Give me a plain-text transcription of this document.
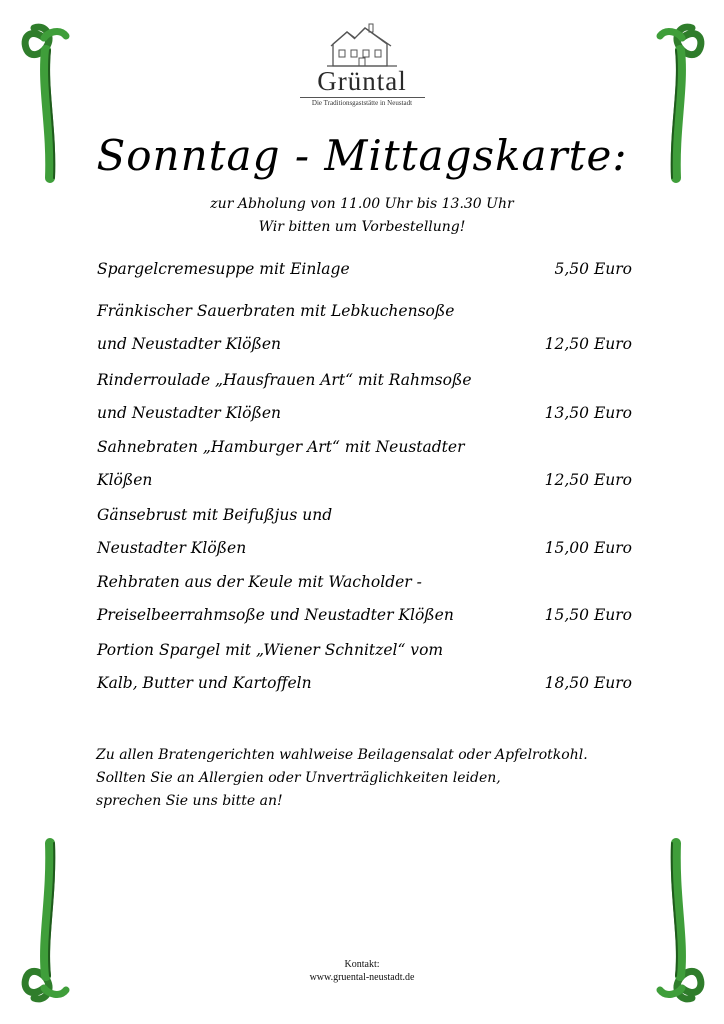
Grüntal
Die Traditionsgaststätte in Neustadt
Sonntag - Mittagskarte:
zur Abholung von 11.00 Uhr bis 13.30 Uhr
Wir bitten um Vorbestellung!
Spargelcremesuppe mit Einlage	5,50 Euro
Fränkischer Sauerbraten mit Lebkuchensoße
und Neustadter Klößen	12,50 Euro
Rinderroulade „Hausfrauen Art“ mit Rahmsoße
und Neustadter Klößen	13,50 Euro
Sahnebraten „Hamburger Art“ mit Neustadter
Klößen	12,50 Euro
Gänsebrust mit Beifußjus und
Neustadter Klößen	15,00 Euro
Rehbraten aus der Keule mit Wacholder -
Preiselbeerrahmsoße und Neustadter Klößen	15,50 Euro
Portion Spargel mit „Wiener Schnitzel“ vom
Kalb, Butter und Kartoffeln	18,50 Euro
Zu allen Bratengerichten wahlweise Beilagensalat oder Apfelrotkohl.
Sollten Sie an Allergien oder Unverträglichkeiten leiden,
sprechen Sie uns bitte an!
Kontakt:
www.gruental-neustadt.de
